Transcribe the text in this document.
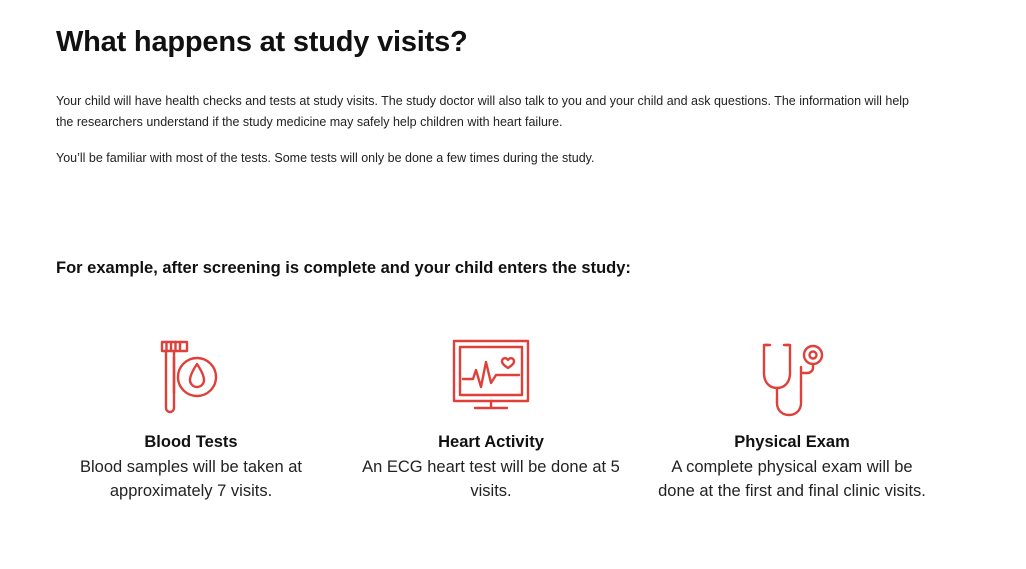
What happens at study visits?

Your child will have health checks and tests at study visits. The study doctor will also talk to you and your child and ask questions. The information will help the researchers understand if the study medicine may safely help children with heart failure.

You’ll be familiar with most of the tests. Some tests will only be done a few times during the study.

For example, after screening is complete and your child enters the study:
Blood Tests
Blood samples will be taken at approximately 7 visits.
Heart Activity
An ECG heart test will be done at 5 visits.
Physical Exam
A complete physical exam will be done at the first and final clinic visits.
